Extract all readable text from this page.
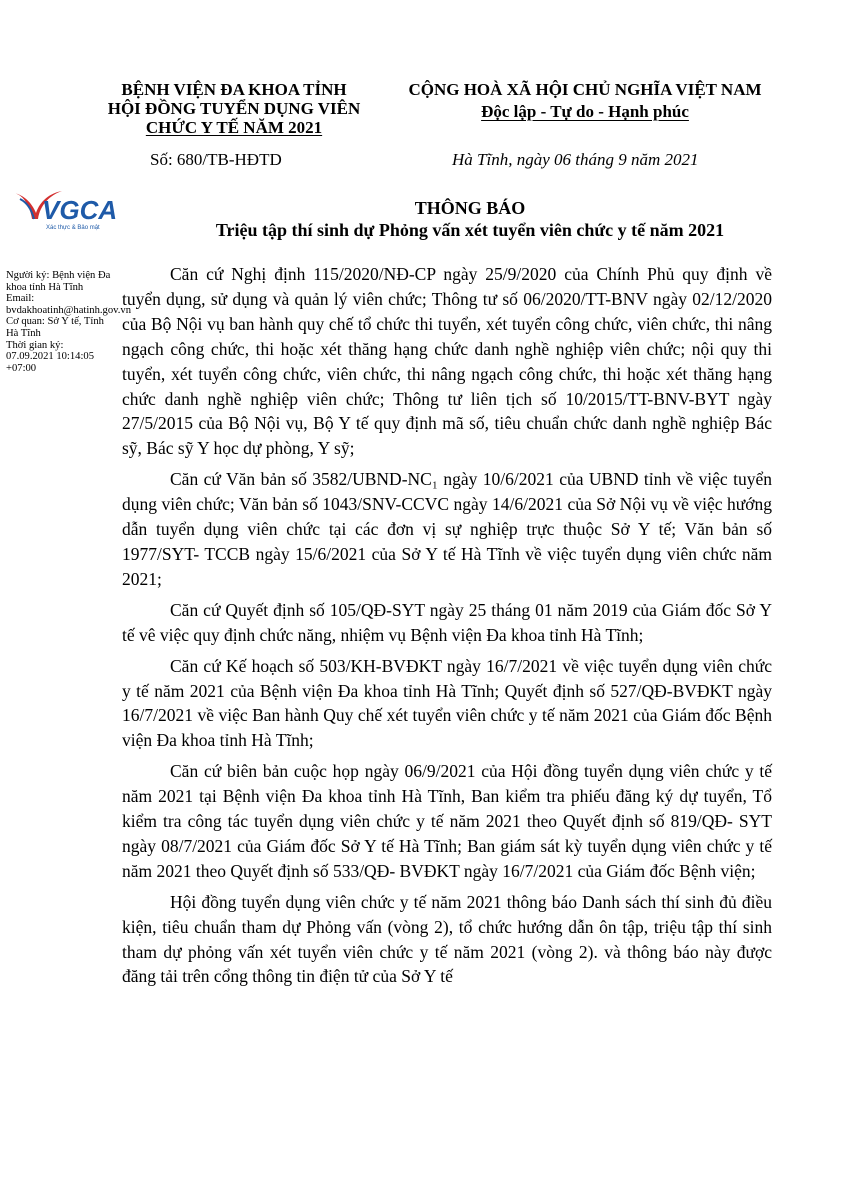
BỆNH VIỆN ĐA KHOA TỈNH
HỘI ĐỒNG TUYỂN DỤNG VIÊN
CHỨC Y TẾ NĂM 2021
CỘNG HOÀ XÃ HỘI CHỦ NGHĨA VIỆT NAM
Độc lập - Tự do - Hạnh phúc
Số: 680/TB-HĐTD	Hà Tĩnh, ngày 06 tháng 9 năm 2021
VGCA
Xác thực & Bảo mật
THÔNG BÁO
Triệu tập thí sinh dự Phỏng vấn xét tuyển viên chức y tế năm 2021
Người ký: Bệnh viện Đa khoa tỉnh Hà Tĩnh
Email:
bvdakhoatinh@hatinh.gov.vn
Cơ quan: Sở Y tế, Tỉnh Hà Tĩnh
Thời gian ký:
07.09.2021 10:14:05 +07:00

Căn cứ Nghị định 115/2020/NĐ-CP ngày 25/9/2020 của Chính Phủ quy định về tuyển dụng, sử dụng và quản lý viên chức; Thông tư số 06/2020/TT-BNV ngày 02/12/2020 của Bộ Nội vụ ban hành quy chế tổ chức thi tuyển, xét tuyển công chức, viên chức, thi nâng ngạch công chức, thi hoặc xét thăng hạng chức danh nghề nghiệp viên chức; nội quy thi tuyển, xét tuyển công chức, viên chức, thi nâng ngạch công chức, thi hoặc xét thăng hạng chức danh nghề nghiệp viên chức; Thông tư liên tịch số 10/2015/TT-BNV-BYT ngày 27/5/2015 của Bộ Nội vụ, Bộ Y tế quy định mã số, tiêu chuẩn chức danh nghề nghiệp Bác sỹ, Bác sỹ Y học dự phòng, Y sỹ;

Căn cứ Văn bản số 3582/UBND-NC₁ ngày 10/6/2021 của UBND tỉnh về việc tuyển dụng viên chức; Văn bản số 1043/SNV-CCVC ngày 14/6/2021 của Sở Nội vụ về việc hướng dẫn tuyển dụng viên chức tại các đơn vị sự nghiệp trực thuộc Sở Y tế; Văn bản số 1977/SYT- TCCB ngày 15/6/2021 của Sở Y tế Hà Tĩnh về việc tuyển dụng viên chức năm 2021;

Căn cứ Quyết định số 105/QĐ-SYT ngày 25 tháng 01 năm 2019 của Giám đốc Sở Y tế vê việc quy định chức năng, nhiệm vụ Bệnh viện Đa khoa tỉnh Hà Tĩnh;

Căn cứ Kế hoạch số 503/KH-BVĐKT ngày 16/7/2021 về việc tuyển dụng viên chức y tế năm 2021 của Bệnh viện Đa khoa tỉnh Hà Tĩnh; Quyết định số 527/QĐ-BVĐKT ngày 16/7/2021 về việc Ban hành Quy chế xét tuyển viên chức y tế năm 2021 của Giám đốc Bệnh viện Đa khoa tỉnh Hà Tĩnh;

Căn cứ biên bản cuộc họp ngày 06/9/2021 của Hội đồng tuyển dụng viên chức y tế năm 2021 tại Bệnh viện Đa khoa tỉnh Hà Tĩnh, Ban kiểm tra phiếu đăng ký dự tuyển, Tổ kiểm tra công tác tuyển dụng viên chức y tế năm 2021 theo Quyết định số 819/QĐ- SYT ngày 08/7/2021 của Giám đốc Sở Y tế Hà Tĩnh; Ban giám sát kỳ tuyển dụng viên chức y tế năm 2021 theo Quyết định số 533/QĐ- BVĐKT ngày 16/7/2021 của Giám đốc Bệnh viện;

Hội đồng tuyển dụng viên chức y tế năm 2021 thông báo Danh sách thí sinh đủ điều kiện, tiêu chuẩn tham dự Phỏng vấn (vòng 2), tổ chức hướng dẫn ôn tập, triệu tập thí sinh tham dự phỏng vấn xét tuyển viên chức y tế năm 2021 (vòng 2). và thông báo này được đăng tải trên cổng thông tin điện tử của Sở Y tế
